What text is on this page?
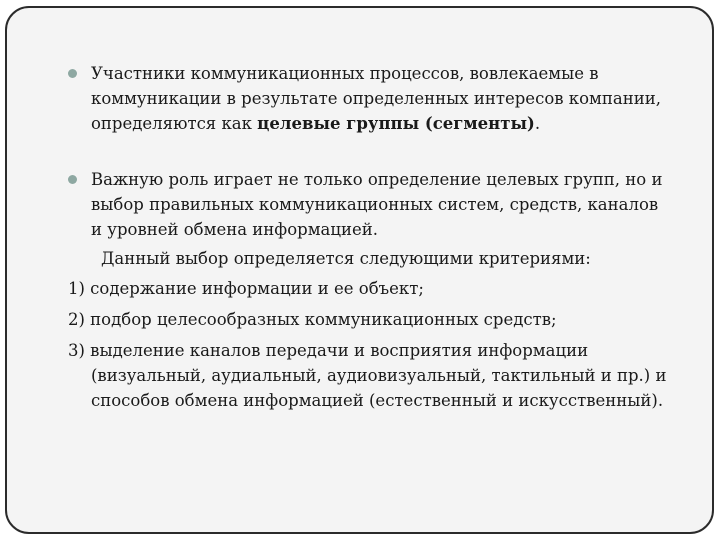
Участники коммуникационных процессов, вовлекаемые в
коммуникации в результате определенных интересов компании,
определяются как целевые группы (сегменты).
Важную роль играет не только определение целевых групп, но и
выбор правильных коммуникационных систем, средств, каналов
и уровней обмена информацией.
Данный выбор определяется следующими критериями:
1) содержание информации и ее объект;
2) подбор целесообразных коммуникационных средств;
3) выделение каналов передачи и восприятия информации
(визуальный, аудиальный, аудиовизуальный, тактильный и пр.) и
способов обмена информацией (естественный и искусственный).
